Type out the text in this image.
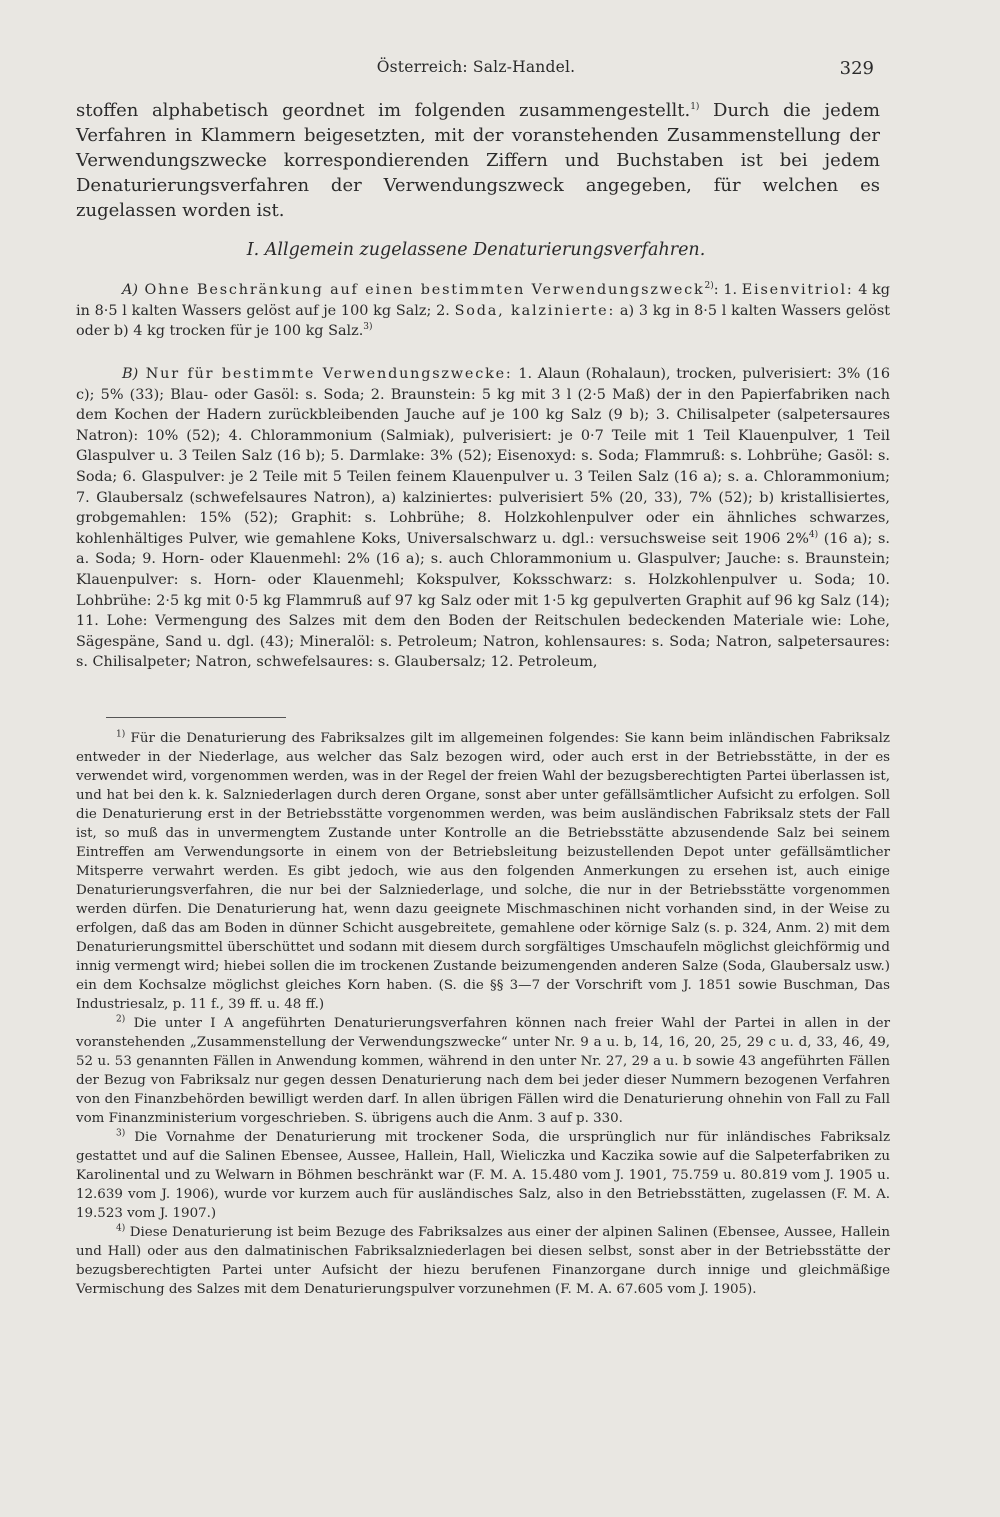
Österreich: Salz-Handel.	329
stoffen alphabetisch geordnet im folgenden zusammengestellt.$^{1)}$ Durch die jedem Verfahren in Klammern beigesetzten, mit der voranstehenden Zusammenstellung der Verwendungszwecke korrespondierenden Ziffern und Buchstaben ist bei jedem Denaturierungsverfahren der Verwendungszweck angegeben, für welchen es zugelassen worden ist.
I. Allgemein zugelassene Denaturierungsverfahren.

A) Ohne Beschränkung auf einen bestimmten Verwendungszweck$^{2)}$: 1. Eisenvitriol: 4 kg in 8·5 l kalten Wassers gelöst auf je 100 kg Salz; 2. Soda, kalzinierte: a) 3 kg in 8·5 l kalten Wassers gelöst oder b) 4 kg trocken für je 100 kg Salz.$^{3)}$

B) Nur für bestimmte Verwendungszwecke: 1. Alaun (Rohalaun), trocken, pulverisiert: 3% (16 c); 5% (33); Blau- oder Gasöl: s. Soda; 2. Braunstein: 5 kg mit 3 l (2·5 Maß) der in den Papierfabriken nach dem Kochen der Hadern zurückbleibenden Jauche auf je 100 kg Salz (9 b); 3. Chilisalpeter (salpetersaures Natron): 10% (52); 4. Chlorammonium (Salmiak), pulverisiert: je 0·7 Teile mit 1 Teil Klauenpulver, 1 Teil Glaspulver u. 3 Teilen Salz (16 b); 5. Darmlake: 3% (52); Eisenoxyd: s. Soda; Flammruß: s. Lohbrühe; Gasöl: s. Soda; 6. Glaspulver: je 2 Teile mit 5 Teilen feinem Klauenpulver u. 3 Teilen Salz (16 a); s. a. Chlorammonium; 7. Glaubersalz (schwefelsaures Natron), a) kalziniertes: pulverisiert 5% (20, 33), 7% (52); b) kristallisiertes, grobgemahlen: 15% (52); Graphit: s. Lohbrühe; 8. Holzkohlenpulver oder ein ähnliches schwarzes, kohlenhältiges Pulver, wie gemahlene Koks, Universalschwarz u. dgl.: versuchsweise seit 1906 2%$^{4)}$ (16 a); s. a. Soda; 9. Horn- oder Klauenmehl: 2% (16 a); s. auch Chlorammonium u. Glaspulver; Jauche: s. Braunstein; Klauenpulver: s. Horn- oder Klauenmehl; Kokspulver, Koksschwarz: s. Holzkohlenpulver u. Soda; 10. Lohbrühe: 2·5 kg mit 0·5 kg Flammruß auf 97 kg Salz oder mit 1·5 kg gepulverten Graphit auf 96 kg Salz (14); 11. Lohe: Vermengung des Salzes mit dem den Boden der Reitschulen bedeckenden Materiale wie: Lohe, Sägespäne, Sand u. dgl. (43); Mineralöl: s. Petroleum; Natron, kohlensaures: s. Soda; Natron, salpetersaures: s. Chilisalpeter; Natron, schwefelsaures: s. Glaubersalz; 12. Petroleum,

$^{1)}$ Für die Denaturierung des Fabriksalzes gilt im allgemeinen folgendes: Sie kann beim inländischen Fabriksalz entweder in der Niederlage, aus welcher das Salz bezogen wird, oder auch erst in der Betriebsstätte, in der es verwendet wird, vorgenommen werden, was in der Regel der freien Wahl der bezugsberechtigten Partei überlassen ist, und hat bei den k. k. Salzniederlagen durch deren Organe, sonst aber unter gefällsämtlicher Aufsicht zu erfolgen. Soll die Denaturierung erst in der Betriebsstätte vorgenommen werden, was beim ausländischen Fabriksalz stets der Fall ist, so muß das in unvermengtem Zustande unter Kontrolle an die Betriebsstätte abzusendende Salz bei seinem Eintreffen am Verwendungsorte in einem von der Betriebsleitung beizustellenden Depot unter gefällsämtlicher Mitsperre verwahrt werden. Es gibt jedoch, wie aus den folgenden Anmerkungen zu ersehen ist, auch einige Denaturierungsverfahren, die nur bei der Salzniederlage, und solche, die nur in der Betriebsstätte vorgenommen werden dürfen. Die Denaturierung hat, wenn dazu geeignete Mischmaschinen nicht vorhanden sind, in der Weise zu erfolgen, daß das am Boden in dünner Schicht ausgebreitete, gemahlene oder körnige Salz (s. p. 324, Anm. 2) mit dem Denaturierungsmittel überschüttet und sodann mit diesem durch sorgfältiges Umschaufeln möglichst gleichförmig und innig vermengt wird; hiebei sollen die im trockenen Zustande beizumengenden anderen Salze (Soda, Glaubersalz usw.) ein dem Kochsalze möglichst gleiches Korn haben. (S. die §§ 3—7 der Vorschrift vom J. 1851 sowie Buschman, Das Industriesalz, p. 11 f., 39 ff. u. 48 ff.)

$^{2)}$ Die unter I A angeführten Denaturierungsverfahren können nach freier Wahl der Partei in allen in der voranstehenden „Zusammenstellung der Verwendungszwecke“ unter Nr. 9 a u. b, 14, 16, 20, 25, 29 c u. d, 33, 46, 49, 52 u. 53 genannten Fällen in Anwendung kommen, während in den unter Nr. 27, 29 a u. b sowie 43 angeführten Fällen der Bezug von Fabriksalz nur gegen dessen Denaturierung nach dem bei jeder dieser Nummern bezogenen Verfahren von den Finanzbehörden bewilligt werden darf. In allen übrigen Fällen wird die Denaturierung ohnehin von Fall zu Fall vom Finanzministerium vorgeschrieben. S. übrigens auch die Anm. 3 auf p. 330.

$^{3)}$ Die Vornahme der Denaturierung mit trockener Soda, die ursprünglich nur für inländisches Fabriksalz gestattet und auf die Salinen Ebensee, Aussee, Hallein, Hall, Wieliczka und Kaczika sowie auf die Salpeterfabriken zu Karolinental und zu Welwarn in Böhmen beschränkt war (F. M. A. 15.480 vom J. 1901, 75.759 u. 80.819 vom J. 1905 u. 12.639 vom J. 1906), wurde vor kurzem auch für ausländisches Salz, also in den Betriebsstätten, zugelassen (F. M. A. 19.523 vom J. 1907.)

$^{4)}$ Diese Denaturierung ist beim Bezuge des Fabriksalzes aus einer der alpinen Salinen (Ebensee, Aussee, Hallein und Hall) oder aus den dalmatinischen Fabriksalzniederlagen bei diesen selbst, sonst aber in der Betriebsstätte der bezugsberechtigten Partei unter Aufsicht der hiezu berufenen Finanzorgane durch innige und gleichmäßige Vermischung des Salzes mit dem Denaturierungspulver vorzunehmen (F. M. A. 67.605 vom J. 1905).
